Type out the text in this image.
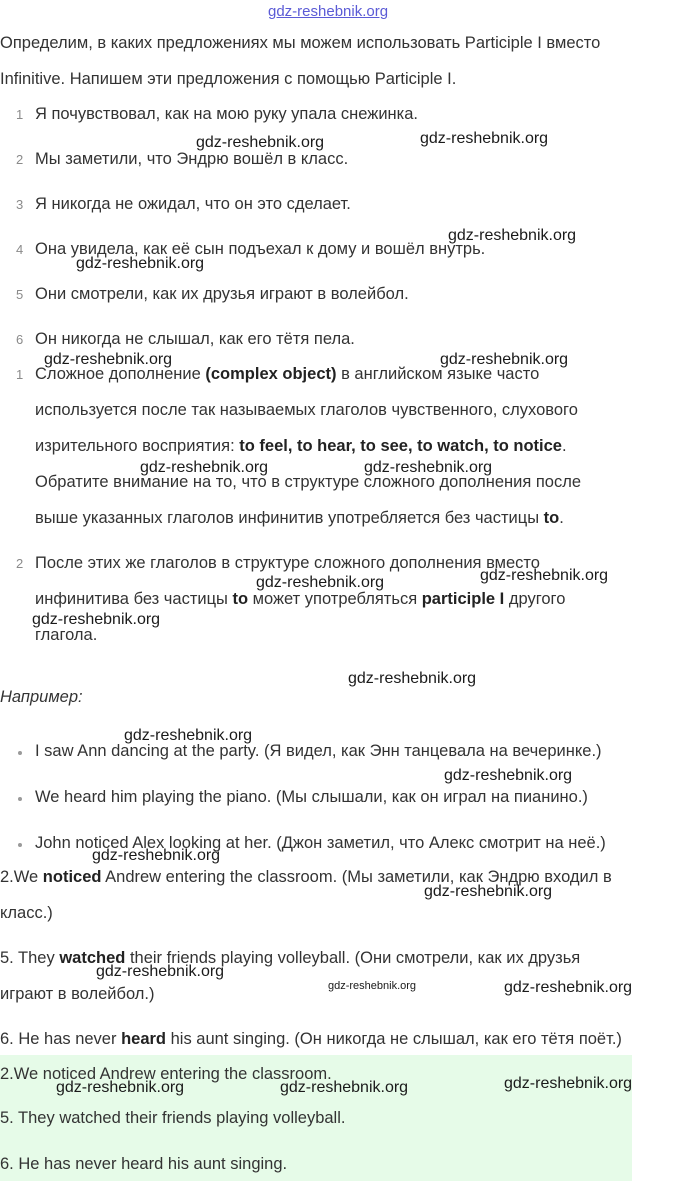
gdz-reshebnik.org
Определим, в каких предложениях мы можем использовать Participle I вместо
Infinitive. Напишем эти предложения с помощью Participle I.
1 Я почувствовал, как на мою руку упала снежинка.
2 Мы заметили, что Эндрю вошёл в класс.
3 Я никогда не ожидал, что он это сделает.
4 Она увидела, как её сын подъехал к дому и вошёл внутрь.
5 Они смотрели, как их друзья играют в волейбол.
6 Он никогда не слышал, как его тётя пела.
1 Сложное дополнение (complex object) в английском языке часто
используется после так называемых глаголов чувственного, слухового
изрительного восприятия: to feel, to hear, to see, to watch, to notice.
Обратите внимание на то, что в структуре сложного дополнения после
выше указанных глаголов инфинитив употребляется без частицы to.
2 После этих же глаголов в структуре сложного дополнения вместо
инфинитива без частицы to может употребляться participle I другого
глагола.
Например:
I saw Ann dancing at the party. (Я видел, как Энн танцевала на вечеринке.)
We heard him playing the piano. (Мы слышали, как он играл на пианино.)
John noticed Alex looking at her. (Джон заметил, что Алекс смотрит на неё.)
2.We noticed Andrew entering the classroom. (Мы заметили, как Эндрю входил в
класс.)
5. They watched their friends playing volleyball. (Они смотрели, как их друзья
играют в волейбол.)
6. He has never heard his aunt singing. (Он никогда не слышал, как его тётя поёт.)
2.We noticed Andrew entering the classroom.
5. They watched their friends playing volleyball.
6. He has never heard his aunt singing.
gdz-reshebnik.org	gdz-reshebnik.org
gdz-reshebnik.org
gdz-reshebnik.org
gdz-reshebnik.org	gdz-reshebnik.org
gdz-reshebnik.org	gdz-reshebnik.org
gdz-reshebnik.org	gdz-reshebnik.org
gdz-reshebnik.org
gdz-reshebnik.org
gdz-reshebnik.org
gdz-reshebnik.org
gdz-reshebnik.org
gdz-reshebnik.org
gdz-reshebnik.org
gdz-reshebnik.org	gdz-reshebnik.org
gdz-reshebnik.org	gdz-reshebnik.org	gdz-reshebnik.org
